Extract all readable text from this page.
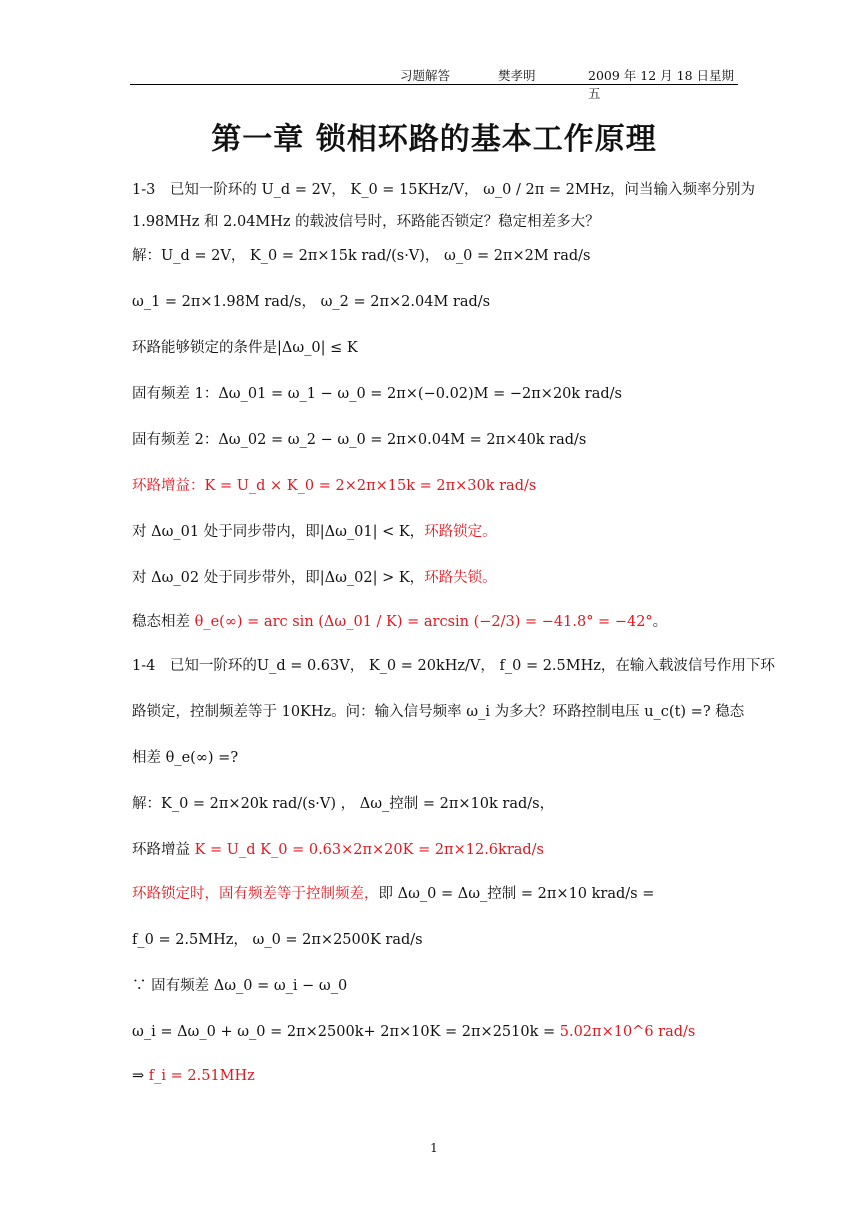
习题解答	樊孝明	2009 年 12 月 18 日星期五
第一章 锁相环路的基本工作原理
1-3　已知一阶环的 U_d = 2V， K_0 = 15KHz/V， ω_0 / 2π = 2MHz，问当输入频率分别为
1.98MHz 和 2.04MHz 的载波信号时，环路能否锁定？稳定相差多大？
解：U_d = 2V， K_0 = 2π×15k rad/(s·V)， ω_0 = 2π×2M rad/s
ω_1 = 2π×1.98M rad/s， ω_2 = 2π×2.04M rad/s
环路能够锁定的条件是|Δω_0| ≤ K
固有频差 1：Δω_01 = ω_1 − ω_0 = 2π×(−0.02)M = −2π×20k rad/s
固有频差 2：Δω_02 = ω_2 − ω_0 = 2π×0.04M = 2π×40k rad/s
环路增益：K = U_d × K_0 = 2×2π×15k = 2π×30k rad/s
对 Δω_01 处于同步带内，即|Δω_01| < K，环路锁定。
对 Δω_02 处于同步带外，即|Δω_02| > K，环路失锁。
稳态相差 θ_e(∞) = arc sin (Δω_01 / K) = arcsin (−2/3) = −41.8° = −42°。
1-4　已知一阶环的U_d = 0.63V， K_0 = 20kHz/V， f_0 = 2.5MHz，在输入载波信号作用下环
路锁定，控制频差等于 10KHz。问：输入信号频率 ω_i 为多大？环路控制电压 u_c(t) =? 稳态
相差 θ_e(∞) =?
解：K_0 = 2π×20k rad/(s·V) ， Δω_控制 = 2π×10k rad/s，
环路增益 K = U_d K_0 = 0.63×2π×20K = 2π×12.6krad/s
环路锁定时，固有频差等于控制频差，即 Δω_0 = Δω_控制 = 2π×10 krad/s =
f_0 = 2.5MHz， ω_0 = 2π×2500K rad/s
∵ 固有频差 Δω_0 = ω_i − ω_0
ω_i = Δω_0 + ω_0 = 2π×2500k+ 2π×10K = 2π×2510k = 5.02π×10^6 rad/s
⇒ f_i = 2.51MHz
1
